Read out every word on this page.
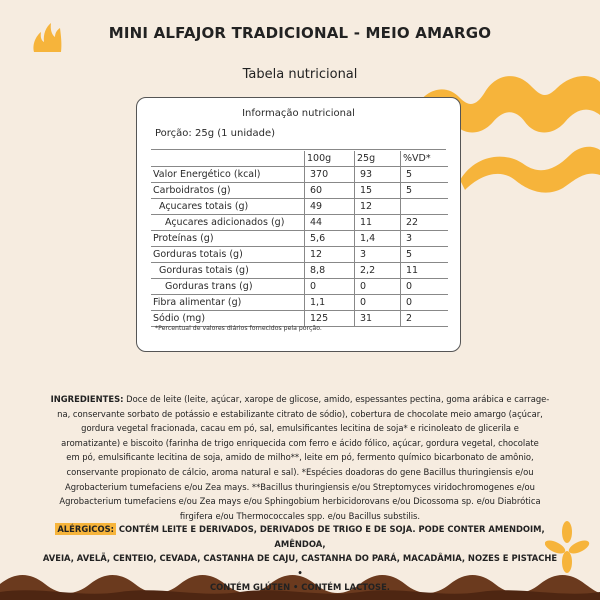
MINI ALFAJOR TRADICIONAL - MEIO AMARGO
Tabela nutricional
Informação nutricional
Porção: 25g (1 unidade)
	100g	25g	%VD*
Valor Energético (kcal)	370	93	5
Carboidratos (g)	60	15	5
Açucares totais (g)	49	12	
Açucares adicionados (g)	44	11	22
Proteínas (g)	5,6	1,4	3
Gorduras totais (g)	12	3	5
Gorduras totais (g)	8,8	2,2	11
Gorduras trans (g)	0	0	0
Fibra alimentar (g)	1,1	0	0
Sódio (mg)	125	31	2
*Percentual de valores diários fornecidos pela porção.
INGREDIENTES: Doce de leite (leite, açúcar, xarope de glicose, amido, espessantes pectina, goma arábica e carrage-
na, conservante sorbato de potássio e estabilizante citrato de sódio), cobertura de chocolate meio amargo (açúcar,
gordura vegetal fracionada, cacau em pó, sal, emulsificantes lecitina de soja* e ricinoleato de glicerila e
aromatizante) e biscoito (farinha de trigo enriquecida com ferro e ácido fólico, açúcar, gordura vegetal, chocolate
em pó, emulsificante lecitina de soja, amido de milho**, leite em pó, fermento químico bicarbonato de amônio,
conservante propionato de cálcio, aroma natural e sal). *Espécies doadoras do gene Bacillus thuringiensis e/ou
Agrobacterium tumefaciens e/ou Zea mays. **Bacillus thuringiensis e/ou Streptomyces viridochromogenes e/ou
Agrobacterium tumefaciens e/ou Zea mays e/ou Sphingobium herbicidorovans e/ou Dicossoma sp. e/ou Diabrótica
firgifera e/ou Thermococcales spp. e/ou Bacillus substilis.
ALÉRGICOS: CONTÉM LEITE E DERIVADOS, DERIVADOS DE TRIGO E DE SOJA. PODE CONTER AMENDOIM, AMÊNDOA,
AVEIA, AVELÃ, CENTEIO, CEVADA, CASTANHA DE CAJU, CASTANHA DO PARÁ, MACADÂMIA, NOZES E PISTACHE •
CONTÉM GLÚTEN • CONTÉM LACTOSE.
